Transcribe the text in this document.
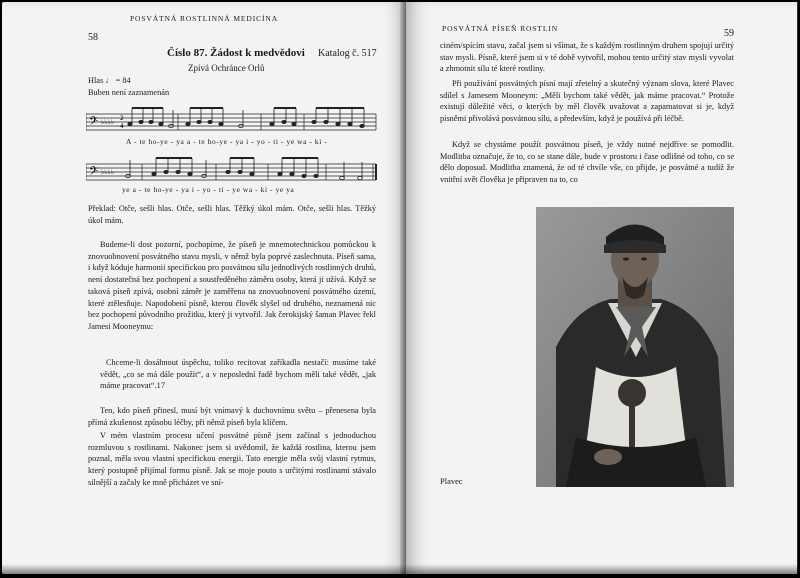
58
POSVÁTNÁ ROSTLINNÁ MEDICÍNA
Číslo 87. Žádost k medvědovi Katalog č. 517
Zpívá Ochránce Orlů
Hlas ♩ = 84
Buben není zaznamenán
𝄢 ♭♭♭♭ 2
4
A - te ho-ye - ya a - te ho-ye - ya i - yo - ti - ye wa - ki -
𝄢 ♭♭♭♭
ye a - te ho-ye - ya i - yo - ti - ye wa - ki - ye ya
Překlad: Otče, sešli hlas. Otče, sešli hlas. Těžký úkol mám. Otče, sešli hlas. Těžký úkol mám.
Budeme-li dost pozorní, pochopíme, že píseň je mnemotechnickou pomůckou k znovuobnovení posvátného stavu mysli, v němž byla poprvé zaslechnuta. Píseň sama, i když kóduje harmonii specifickou pro posvátnou sílu jednotlivých rostlinných druhů, není dostatečná bez pochopení a soustředěného záměru osoby, která ji užívá. Když se taková píseň zpívá, osobní záměr je zaměřena na znovuobnovení posvátného území, které ztělesňuje. Napodobení písně, kterou člověk slyšel od druhého, neznamená nic bez pochopení původního prožitku, který ji vytvořil. Jak čerokijský šaman Plavec řekl Jamesi Mooneymu:
Chceme-li dosáhnout úspěchu, toliko recitovat zaříkadla nestačí: musíme také vědět, „co se má dále použít“, a v neposlední řadě bychom měli také vědět, „jak máme pracovat“.17
Ten, kdo píseň přinesl, musí být vnímavý k duchovnímu světu – přenesena byla přímá zkušenost způsobu léčby, při němž píseň byla klíčem.
V mém vlastním procesu učení posvátné písně jsem začínal s jednoduchou rozmluvou s rostlinami. Nakonec jsem si uvědomil, že každá rostlina, kterou jsem poznal, měla svou vlastní specifickou energii. Tato energie měla svůj vlastní rytmus, který postupně přijímal formu písně. Jak se moje pouto s určitými rostlinami stávalo silnější a začaly ke mně přicházet ve sní-
POSVÁTNÁ PÍSEŇ ROSTLIN	59
ciném/spícím stavu, začal jsem si všímat, že s každým rostlinným druhem spojují určitý stav mysli. Písně, které jsem si v té době vytvořil, mohou tento určitý stav mysli vyvolat a zhmotnit sílu té které rostliny.
Při používání posvátných písní mají zřetelný a skutečný význam slova, které Plavec sdílel s Jamesem Mooneym: „Měli bychom také vědět, jak máme pracovat.“ Protože existují důležité věci, o kterých by měl člověk uvažovat a zapamatovat si je, když písněmi přivolává posvátnou sílu, a především, když je používá při léčbě.
Když se chystáme použít posvátnou píseň, je vždy nutné nejdříve se pomodlit. Modlitba označuje, že to, co se stane dále, bude v prostoru i čase odlišné od toho, co se dělo doposud. Modlitba znamená, že od té chvíle vše, co přijde, je posvátné a tudíž že vnitřní svět člověka je připraven na to, co
Plavec
